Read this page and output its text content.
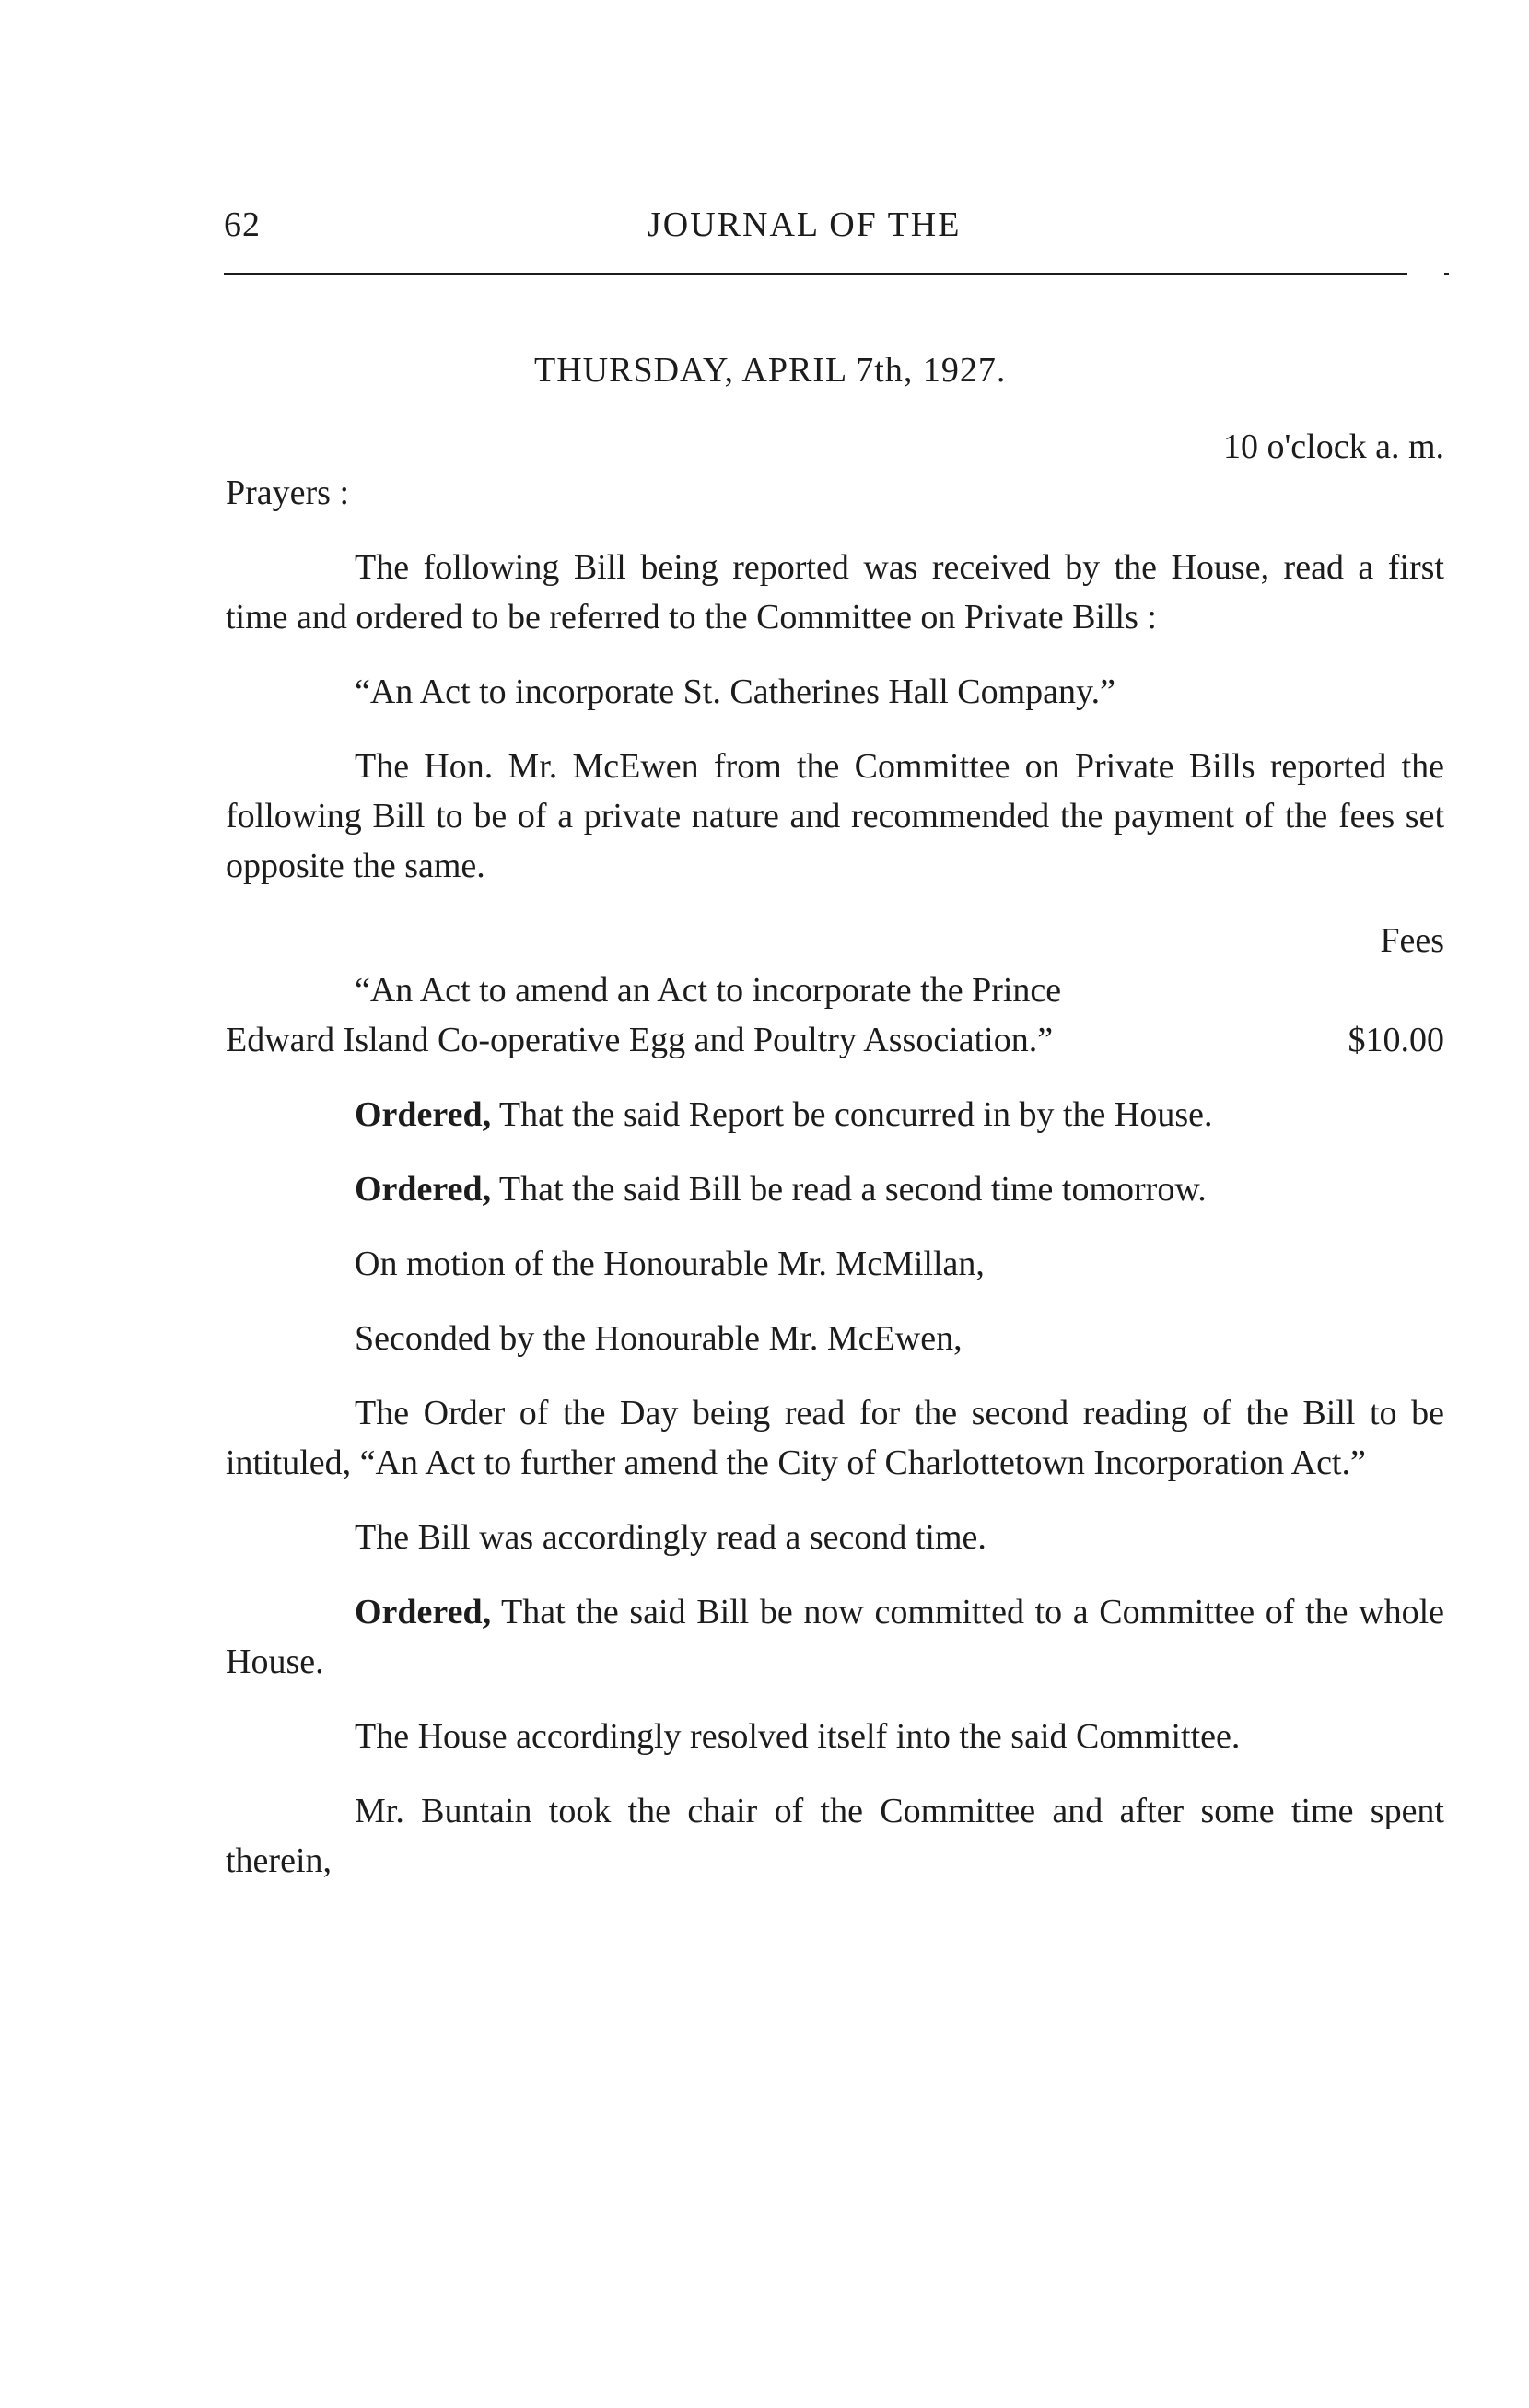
62	JOURNAL OF THE
THURSDAY, APRIL 7th, 1927.
10 o'clock a. m.

Prayers :

The following Bill being reported was received by the House, read a first time and ordered to be referred to the Committee on Private Bills :

“An Act to incorporate St. Catherines Hall Company.”

The Hon. Mr. McEwen from the Committee on Private Bills reported the following Bill to be of a private nature and recommended the payment of the fees set opposite the same.

Fees

“An Act to amend an Act to incorporate the Prince
Edward Island Co-operative Egg and Poultry Association.”	$10.00

Ordered, That the said Report be concurred in by the House.

Ordered, That the said Bill be read a second time tomorrow.

On motion of the Honourable Mr. McMillan,

Seconded by the Honourable Mr. McEwen,

The Order of the Day being read for the second reading of the Bill to be intituled, “An Act to further amend the City of Charlottetown Incorporation Act.”

The Bill was accordingly read a second time.

Ordered, That the said Bill be now committed to a Committee of the whole House.

The House accordingly resolved itself into the said Committee.

Mr. Buntain took the chair of the Committee and after some time spent therein,
